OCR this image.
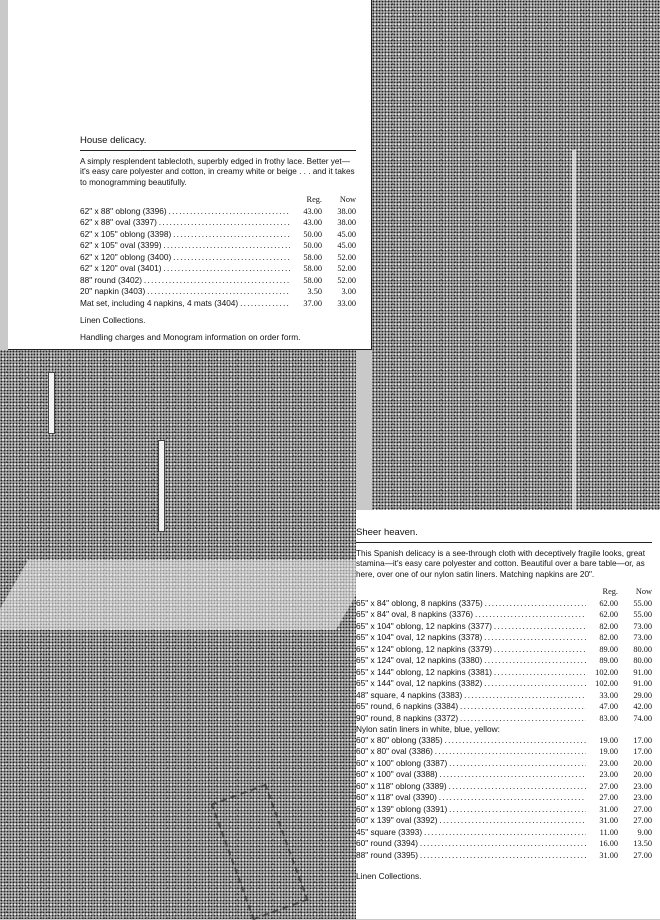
House delicacy.

A simply resplendent tablecloth, superbly edged in frothy lace. Better yet—it's easy care polyester and cotton, in creamy white or beige . . . and it takes to monogramming beautifully.

Reg.	Now
62" x 88" oblong (3396) .....	43.00	38.00
62" x 88" oval (3397) .....	43.00	38.00
62" x 105" oblong (3398) .....	50.00	45.00
62" x 105" oval (3399) .....	50.00	45.00
62" x 120" oblong (3400) .....	58.00	52.00
62" x 120" oval (3401) .....	58.00	52.00
88" round (3402) .....	58.00	52.00
20" napkin (3403) .....	3.50	3.00
Mat set, including 4 napkins, 4 mats (3404) .....	37.00	33.00
Linen Collections.
Handling charges and Monogram information on order form.
Sheer heaven.

This Spanish delicacy is a see-through cloth with deceptively fragile looks, great stamina—it's easy care polyester and cotton. Beautiful over a bare table—or, as here, over one of our nylon satin liners. Matching napkins are 20".

Reg.	Now
65" x 84" oblong, 8 napkins (3375) .....	62.00	55.00
65" x 84" oval, 8 napkins (3376) .....	62.00	55.00
65" x 104" oblong, 12 napkins (3377) .....	82.00	73.00
65" x 104" oval, 12 napkins (3378) .....	82.00	73.00
65" x 124" oblong, 12 napkins (3379) .....	89.00	80.00
65" x 124" oval, 12 napkins (3380) .....	89.00	80.00
65" x 144" oblong, 12 napkins (3381) .....	102.00	91.00
65" x 144" oval, 12 napkins (3382) .....	102.00	91.00
48" square, 4 napkins (3383) .....	33.00	29.00
65" round, 6 napkins (3384) .....	47.00	42.00
90" round, 8 napkins (3372) .....	83.00	74.00
Nylon satin liners in white, blue, yellow:
60" x 80" oblong (3385) .....	19.00	17.00
60" x 80" oval (3386) .....	19.00	17.00
60" x 100" oblong (3387) .....	23.00	20.00
60" x 100" oval (3388) .....	23.00	20.00
60" x 118" oblong (3389) .....	27.00	23.00
60" x 118" oval (3390) .....	27.00	23.00
60" x 139" oblong (3391) .....	31.00	27.00
60" x 139" oval (3392) .....	31.00	27.00
45" square (3393) .....	11.00	9.00
60" round (3394) .....	16.00	13.50
88" round (3395) .....	31.00	27.00
Linen Collections.
